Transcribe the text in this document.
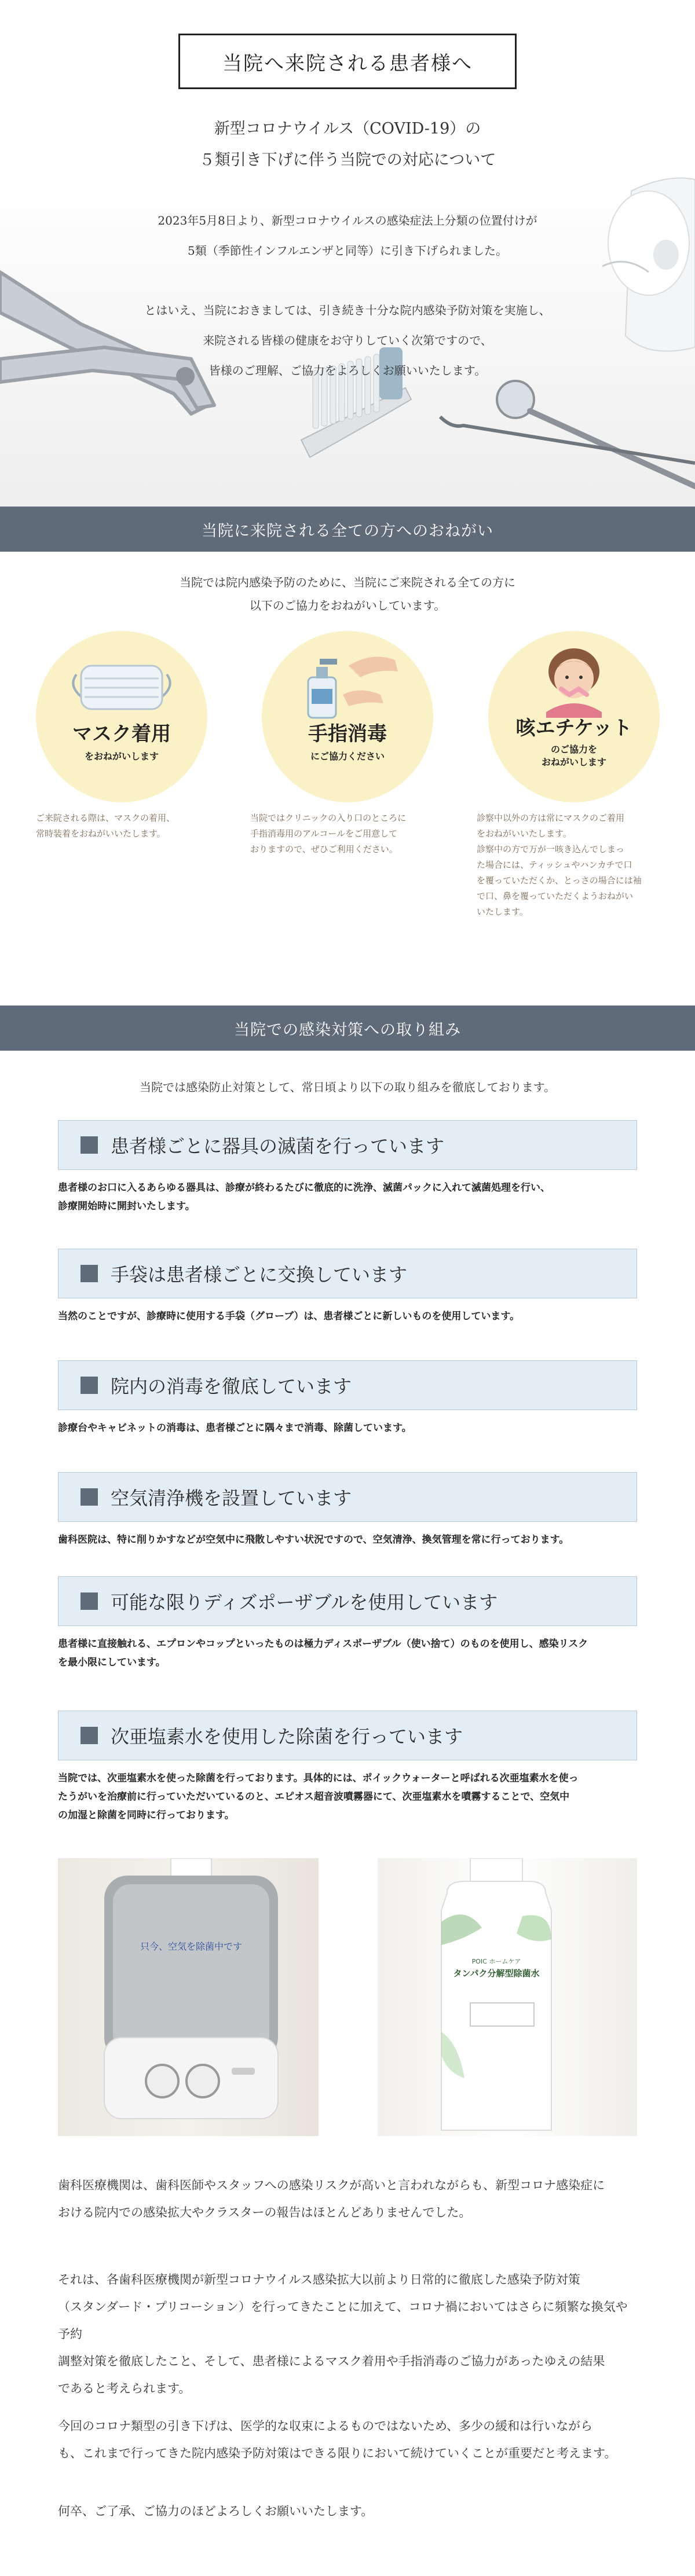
当院へ来院される患者様へ
新型コロナウイルス（COVID-19）の
５類引き下げに伴う当院での対応について
2023年5月8日より、新型コロナウイルスの感染症法上分類の位置付けが
5類（季節性インフルエンザと同等）に引き下げられました。
とはいえ、当院におきましては、引き続き十分な院内感染予防対策を実施し、
来院される皆様の健康をお守りしていく次第ですので、
皆様のご理解、ご協力をよろしくお願いいたします。
当院に来院される全ての方へのおねがい
当院では院内感染予防のために、当院にご来院される全ての方に
以下のご協力をおねがいしています。
マスク着用
をおねがいします
ご来院される際は、マスクの着用、
常時装着をおねがいいたします。
手指消毒
にご協力ください
当院ではクリニックの入り口のところに
手指消毒用のアルコールをご用意して
おりますので、ぜひご利用ください。
咳エチケット
のご協力を
おねがいします
診察中以外の方は常にマスクのご着用
をおねがいいたします。
診察中の方で万が一咳き込んでしまっ
た場合には、ティッシュやハンカチで口
を覆っていただくか、とっさの場合には袖
で口、鼻を覆っていただくようおねがい
いたします。
当院での感染対策への取り組み
当院では感染防止対策として、常日頃より以下の取り組みを徹底しております。
患者様ごとに器具の滅菌を行っています
患者様のお口に入るあらゆる器具は、診療が終わるたびに徹底的に洗浄、滅菌パックに入れて滅菌処理を行い、
診療開始時に開封いたします。
手袋は患者様ごとに交換しています
当然のことですが、診療時に使用する手袋（グローブ）は、患者様ごとに新しいものを使用しています。
院内の消毒を徹底しています
診療台やキャビネットの消毒は、患者様ごとに隅々まで消毒、除菌しています。
空気清浄機を設置しています
歯科医院は、特に削りかすなどが空気中に飛散しやすい状況ですので、空気清浄、換気管理を常に行っております。
可能な限りディズポーザブルを使用しています
患者様に直接触れる、エプロンやコップといったものは極力ディスポーザブル（使い捨て）のものを使用し、感染リスク
を最小限にしています。
次亜塩素水を使用した除菌を行っています
当院では、次亜塩素水を使った除菌を行っております。具体的には、ポイックウォーターと呼ばれる次亜塩素水を使っ
たうがいを治療前に行っていただいているのと、エピオス超音波噴霧器にて、次亜塩素水を噴霧することで、空気中
の加湿と除菌を同時に行っております。
只今、空気を除菌中です
POIC ホームケア
タンパク分解型除菌水
歯科医療機関は、歯科医師やスタッフへの感染リスクが高いと言われながらも、新型コロナ感染症に
おける院内での感染拡大やクラスターの報告はほとんどありませんでした。
それは、各歯科医療機関が新型コロナウイルス感染拡大以前より日常的に徹底した感染予防対策
（スタンダード・プリコーション）を行ってきたことに加えて、コロナ禍においてはさらに頻繁な換気や予約
調整対策を徹底したこと、そして、患者様によるマスク着用や手指消毒のご協力があったゆえの結果
であると考えられます。
今回のコロナ類型の引き下げは、医学的な収束によるものではないため、多少の緩和は行いながら
も、これまで行ってきた院内感染予防対策はできる限りにおいて続けていくことが重要だと考えます。
何卒、ご了承、ご協力のほどよろしくお願いいたします。
